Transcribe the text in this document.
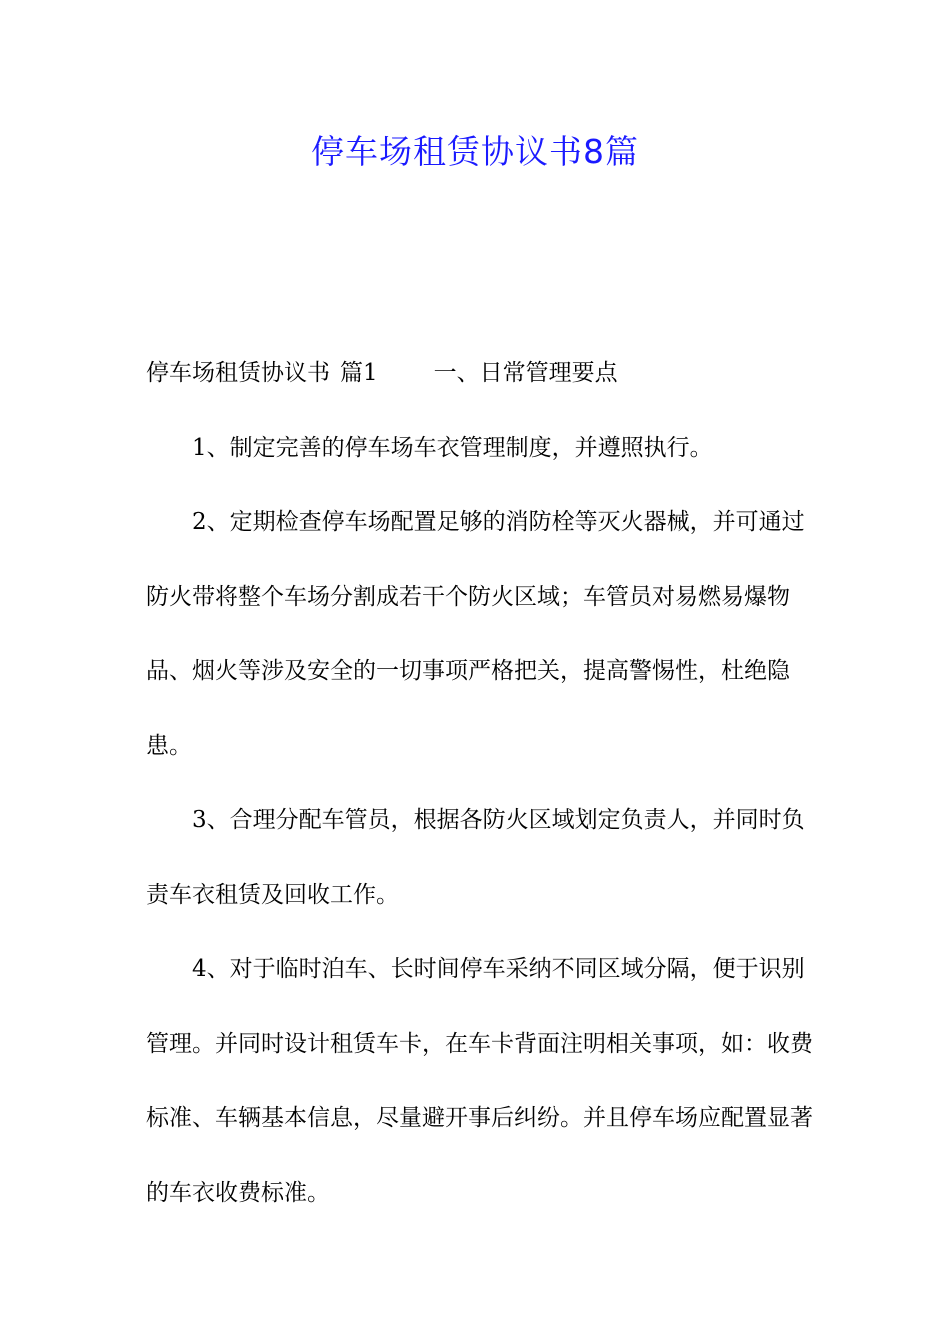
停车场租赁协议书8篇

停车场租赁协议书 篇1 一、日常管理要点

1、制定完善的停车场车衣管理制度，并遵照执行。

2、定期检查停车场配置足够的消防栓等灭火器械，并可通过防火带将整个车场分割成若干个防火区域；车管员对易燃易爆物品、烟火等涉及安全的一切事项严格把关，提高警惕性，杜绝隐患。

3、合理分配车管员，根据各防火区域划定负责人，并同时负责车衣租赁及回收工作。

4、对于临时泊车、长时间停车采纳不同区域分隔，便于识别管理。并同时设计租赁车卡，在车卡背面注明相关事项，如：收费标准、车辆基本信息，尽量避开事后纠纷。并且停车场应配置显著的车衣收费标准。
